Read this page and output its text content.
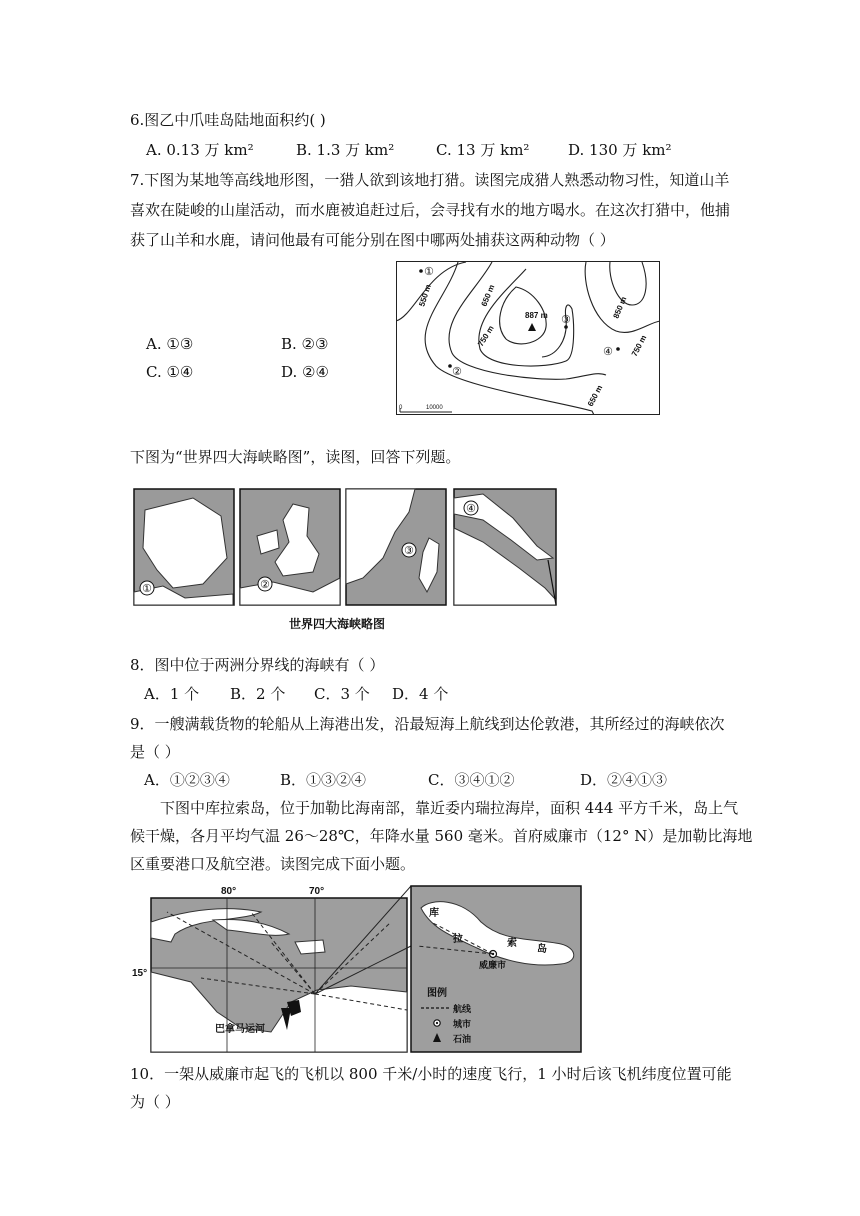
6.图乙中爪哇岛陆地面积约( )
A. 0.13 万 km²	B. 1.3 万 km²	C. 13 万 km²	D. 130 万 km²
7.下图为某地等高线地形图，一猎人欲到该地打猎。读图完成猎人熟悉动物习性，知道山羊
喜欢在陡峻的山崖活动，而水鹿被追赶过后，会寻找有水的地方喝水。在这次打猎中，他捕
获了山羊和水鹿，请问他最有可能分别在图中哪两处捕获这两种动物（ ）
A. ①③	B. ②③
C. ①④	D. ②④
①
②
③
④
550 m	650 m
750 m
850 m
750 m
650 m
887 m
0	10000
下图为“世界四大海峡略图”，读图，回答下列题。
①	②
③
④
世界四大海峡略图
8．图中位于两洲分界线的海峡有（ ）
A．1 个 B．2 个 C．3 个 D．4 个
9．一艘满载货物的轮船从上海港出发，沿最短海上航线到达伦敦港，其所经过的海峡依次
是（ ）
A．①②③④	B．①③②④	C．③④①②	D．②④①③
下图中库拉索岛，位于加勒比海南部，靠近委内瑞拉海岸，面积 444 平方千米，岛上气
候干燥，各月平均气温 26～28℃，年降水量 560 毫米。首府威廉市（12° N）是加勒比海地
区重要港口及航空港。读图完成下面小题。
80°	70°
15°
巴拿马运河
库
拉	索
岛
威廉市
图例
航线
城市
石油
10．一架从威廉市起飞的飞机以 800 千米/小时的速度飞行，1 小时后该飞机纬度位置可能
为（ ）
